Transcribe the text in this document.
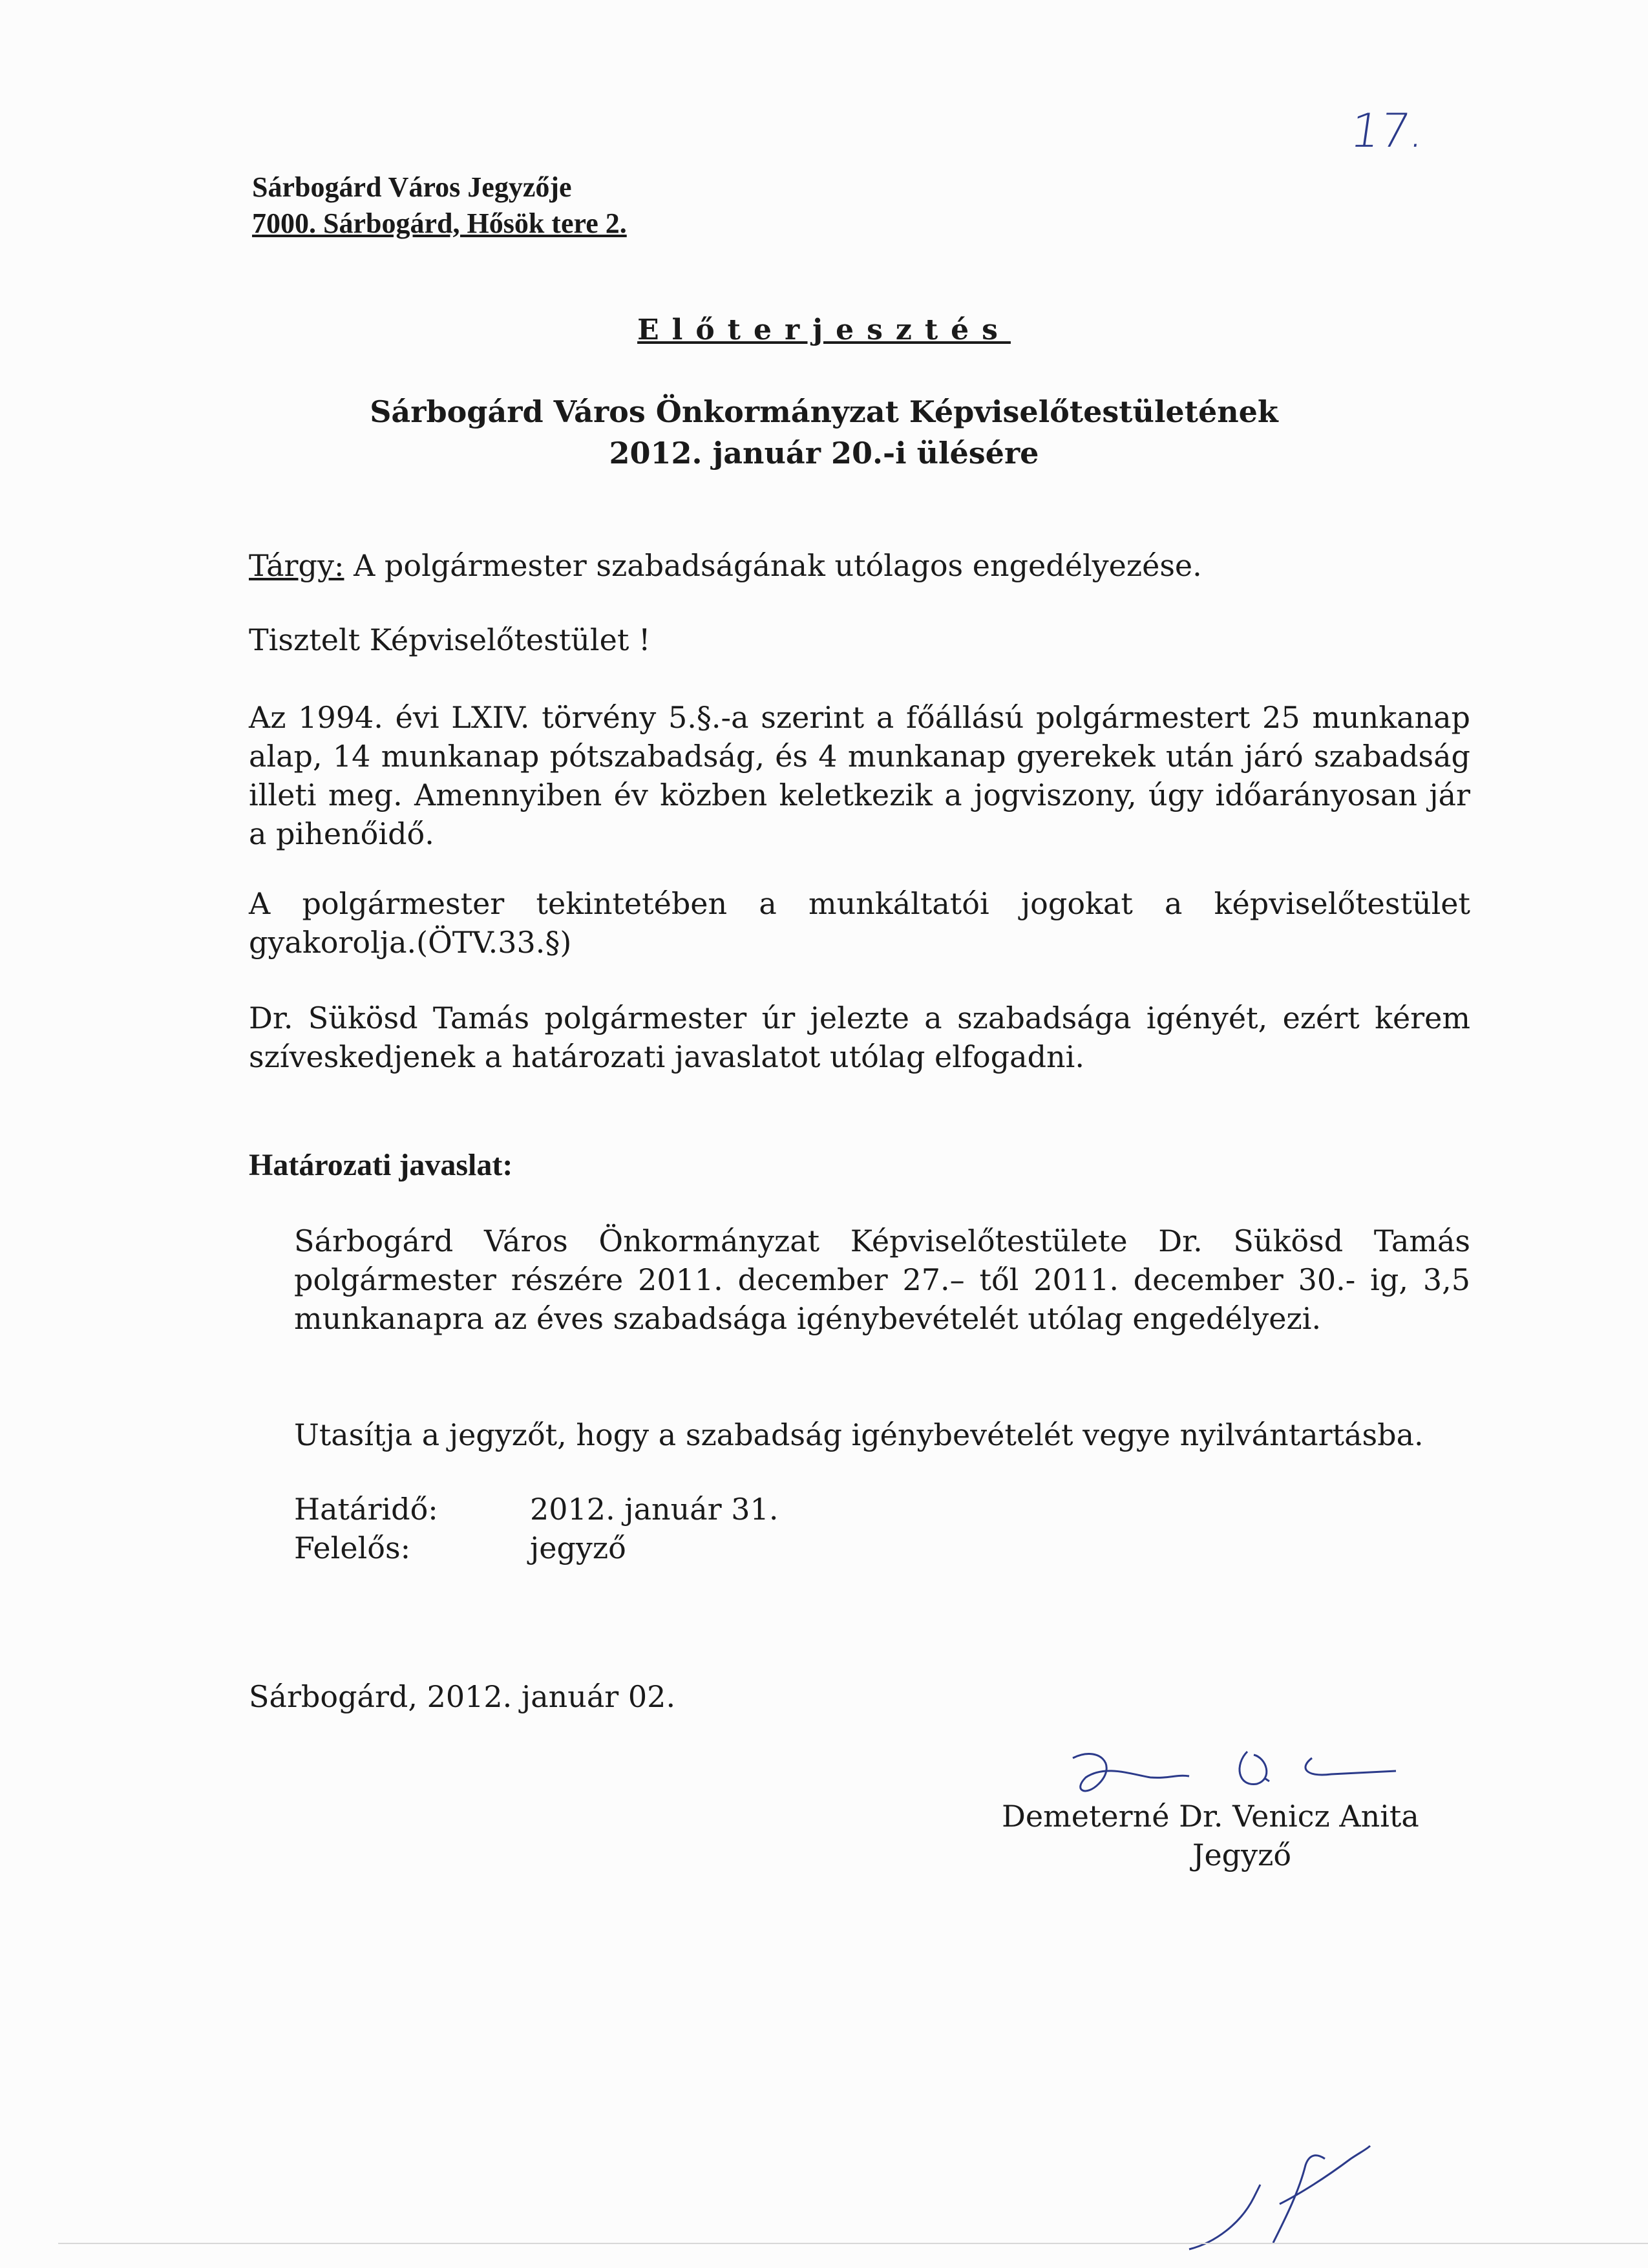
17.
Sárbogárd Város Jegyzője
7000. Sárbogárd, Hősök tere 2.
Előterjesztés
Sárbogárd Város Önkormányzat Képviselőtestületének
2012. január 20.-i ülésére
Tárgy: A polgármester szabadságának utólagos engedélyezése.
Tisztelt Képviselőtestület !
Az 1994. évi LXIV. törvény 5.§.-a szerint a főállású polgármestert 25 munkanap alap, 14 munkanap pótszabadság, és 4 munkanap gyerekek után járó szabadság illeti meg. Amennyiben év közben keletkezik a jogviszony, úgy időarányosan jár a pihenőidő.
A polgármester tekintetében a munkáltatói jogokat a képviselőtestület gyakorolja.(ÖTV.33.§)
Dr. Sükösd Tamás polgármester úr jelezte a szabadsága igényét, ezért kérem szíveskedjenek a határozati javaslatot utólag elfogadni.
Határozati javaslat:
Sárbogárd Város Önkormányzat Képviselőtestülete Dr. Sükösd Tamás polgármester részére 2011. december 27.– től 2011. december 30.- ig, 3,5 munkanapra az éves szabadsága igénybevételét utólag engedélyezi.
Utasítja a jegyzőt, hogy a szabadság igénybevételét vegye nyilvántartásba.
Határidő:	2012. január 31.
Felelős:	jegyző
Sárbogárd, 2012. január 02.
Demeterné Dr. Venicz Anita
Jegyző
